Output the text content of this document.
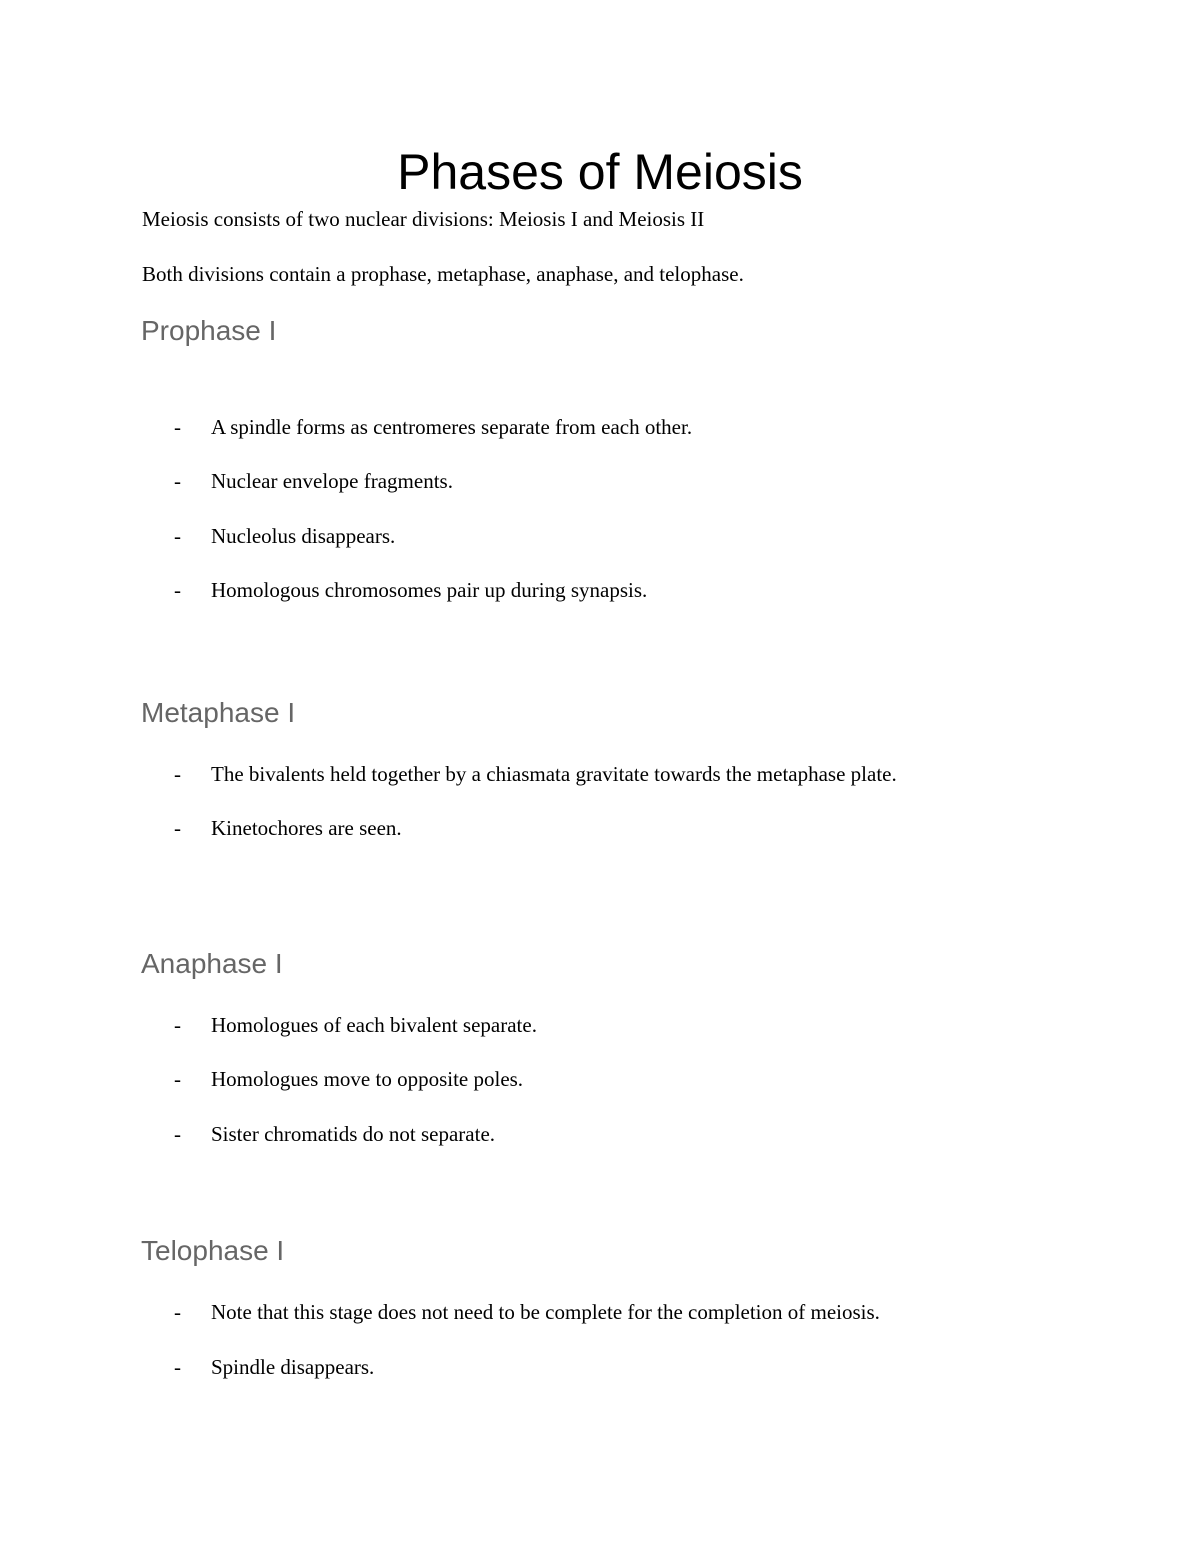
Phases of Meiosis

Meiosis consists of two nuclear divisions: Meiosis I and Meiosis II

Both divisions contain a prophase, metaphase, anaphase, and telophase.

Prophase I

- A spindle forms as centromeres separate from each other.

- Nuclear envelope fragments.

- Nucleolus disappears.

- Homologous chromosomes pair up during synapsis.

Metaphase I

- The bivalents held together by a chiasmata gravitate towards the metaphase plate.

- Kinetochores are seen.

Anaphase I

- Homologues of each bivalent separate.

- Homologues move to opposite poles.

- Sister chromatids do not separate.

Telophase I

- Note that this stage does not need to be complete for the completion of meiosis.

- Spindle disappears.
